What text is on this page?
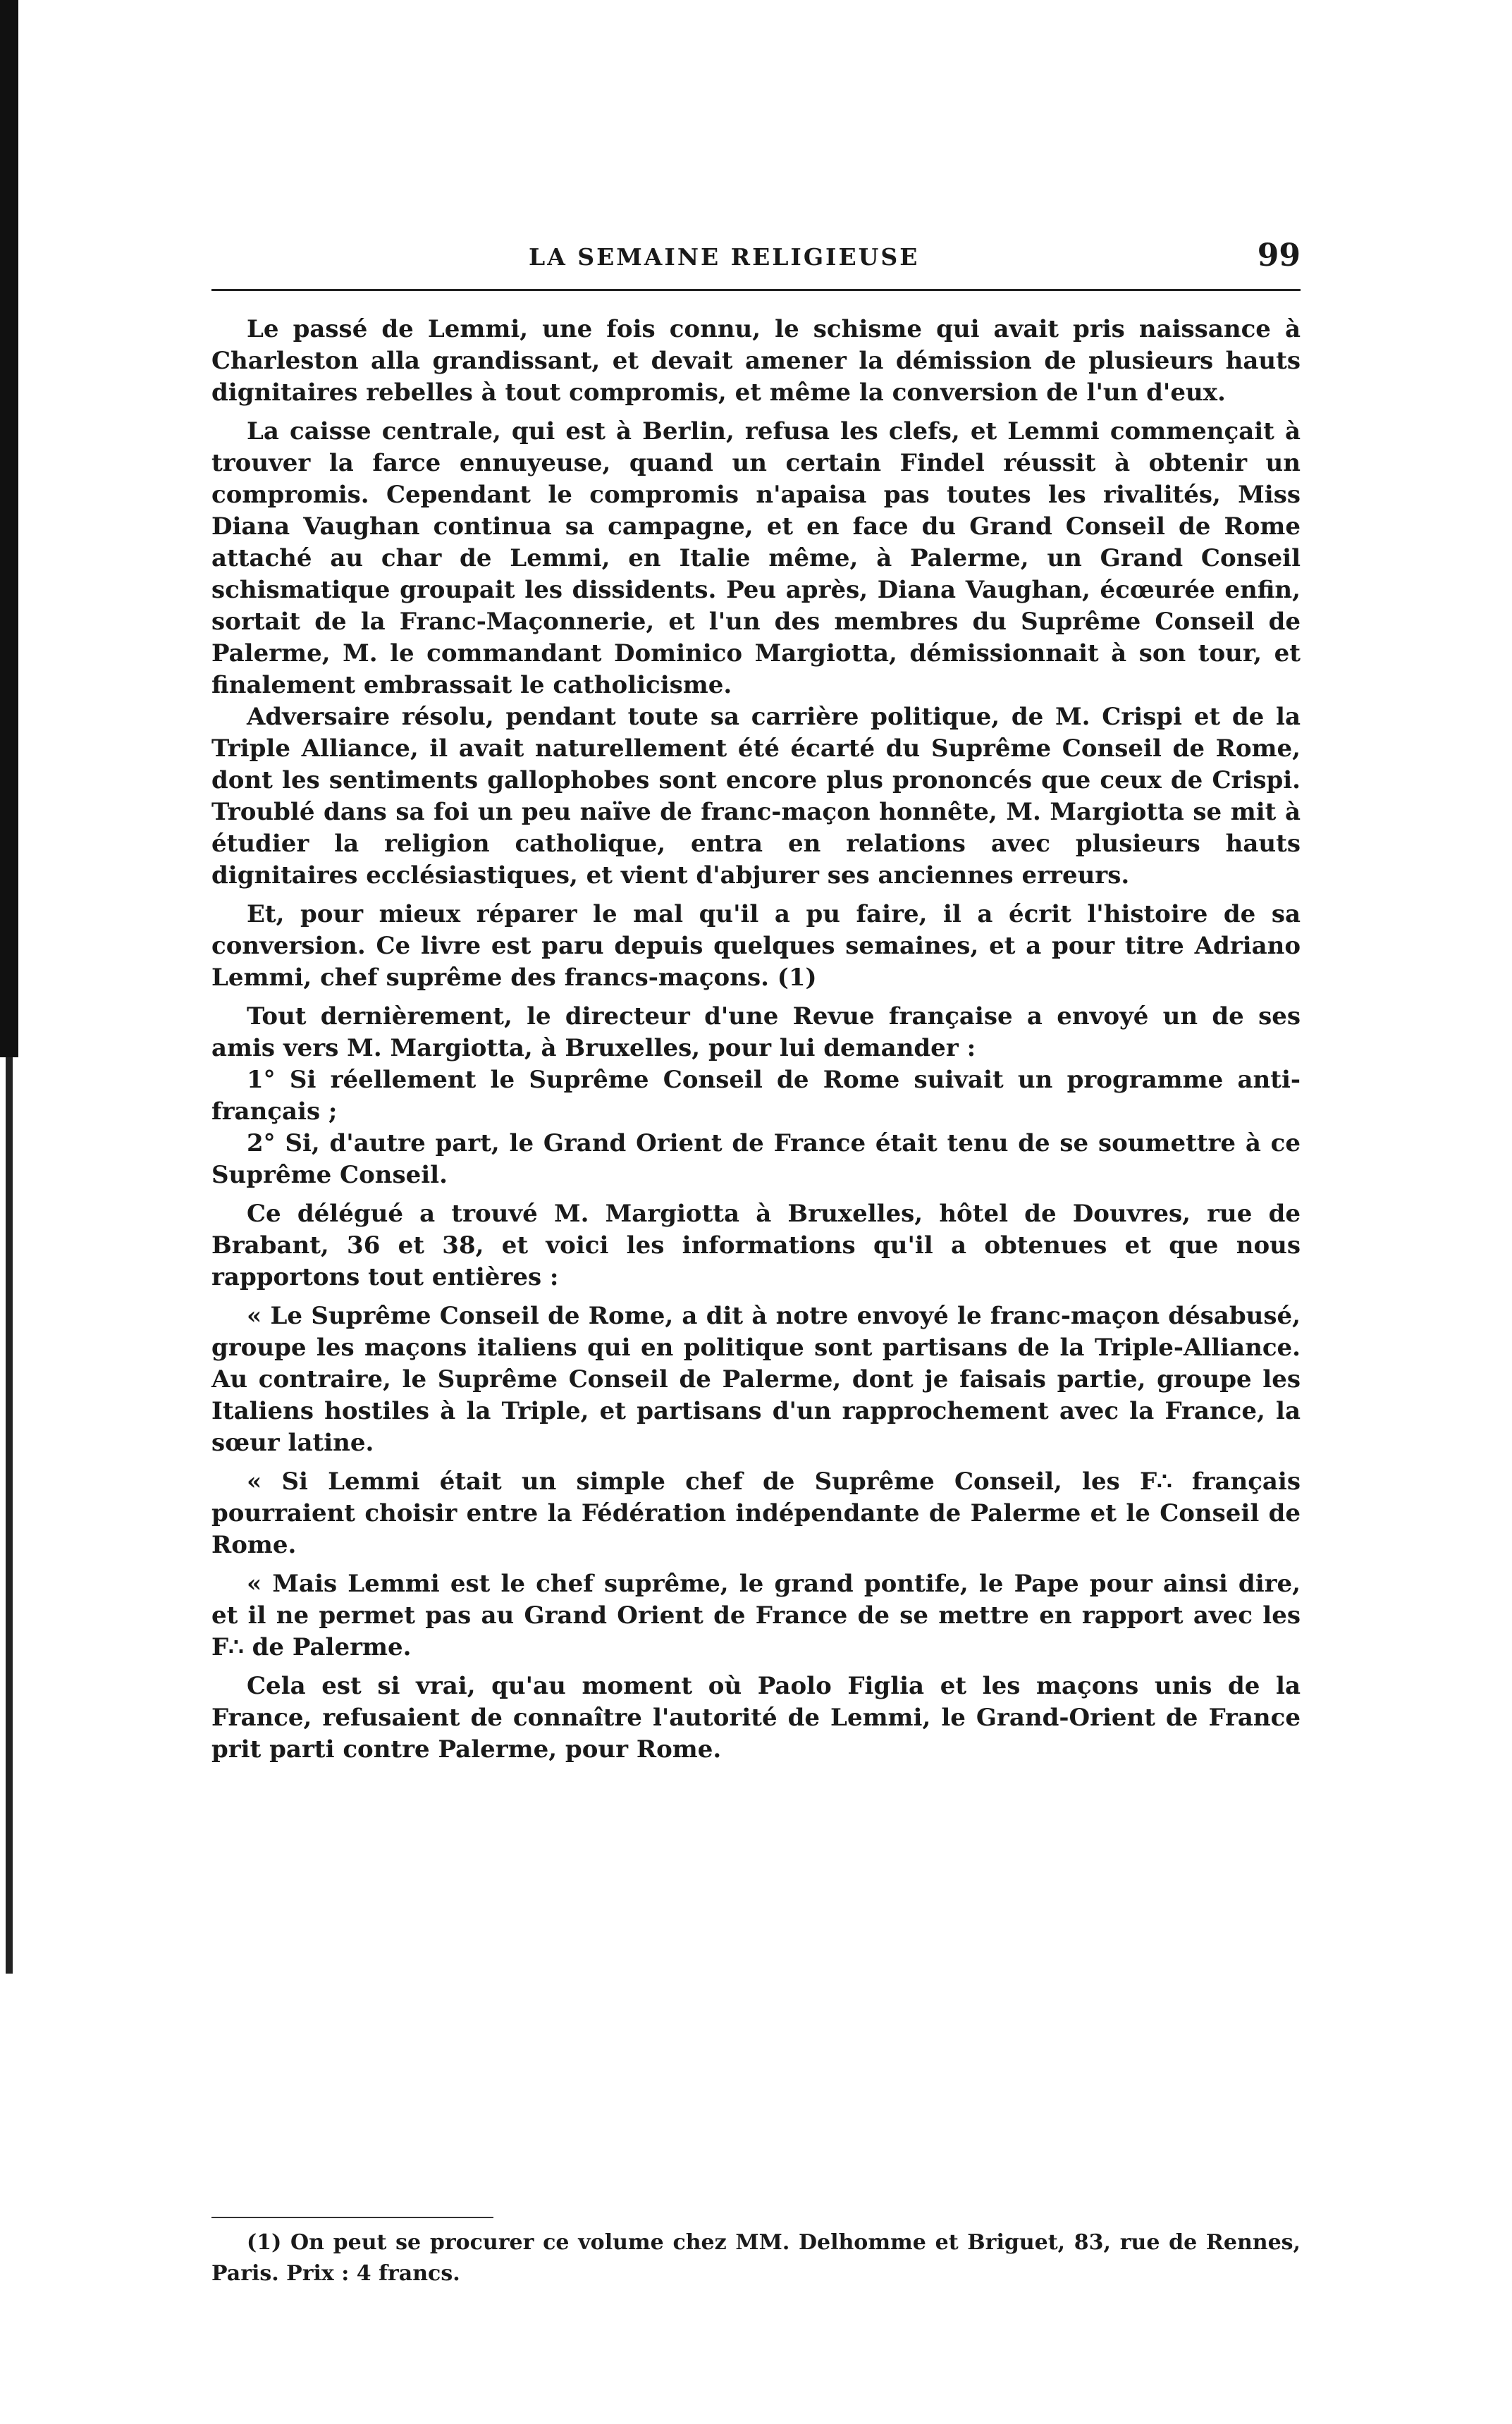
LA SEMAINE RELIGIEUSE	99

Le passé de Lemmi, une fois connu, le schisme qui avait pris naissance à Charleston alla grandissant, et devait amener la démission de plusieurs hauts dignitaires rebelles à tout compromis, et même la conversion de l'un d'eux.

La caisse centrale, qui est à Berlin, refusa les clefs, et Lemmi commençait à trouver la farce ennuyeuse, quand un certain Findel réussit à obtenir un compromis. Cependant le compromis n'apaisa pas toutes les rivalités, Miss Diana Vaughan continua sa campagne, et en face du Grand Conseil de Rome attaché au char de Lemmi, en Italie même, à Palerme, un Grand Conseil schismatique groupait les dissidents. Peu après, Diana Vaughan, écœurée enfin, sortait de la Franc-Maçonnerie, et l'un des membres du Suprême Conseil de Palerme, M. le commandant Dominico Margiotta, démissionnait à son tour, et finalement embrassait le catholicisme.

Adversaire résolu, pendant toute sa carrière politique, de M. Crispi et de la Triple Alliance, il avait naturellement été écarté du Suprême Conseil de Rome, dont les sentiments gallophobes sont encore plus prononcés que ceux de Crispi. Troublé dans sa foi un peu naïve de franc-maçon honnête, M. Margiotta se mit à étudier la religion catholique, entra en relations avec plusieurs hauts dignitaires ecclésiastiques, et vient d'abjurer ses anciennes erreurs.

Et, pour mieux réparer le mal qu'il a pu faire, il a écrit l'histoire de sa conversion. Ce livre est paru depuis quelques semaines, et a pour titre Adriano Lemmi, chef suprême des francs-maçons. (1)

Tout dernièrement, le directeur d'une Revue française a envoyé un de ses amis vers M. Margiotta, à Bruxelles, pour lui demander :

1° Si réellement le Suprême Conseil de Rome suivait un programme anti-français ;

2° Si, d'autre part, le Grand Orient de France était tenu de se soumettre à ce Suprême Conseil.

Ce délégué a trouvé M. Margiotta à Bruxelles, hôtel de Douvres, rue de Brabant, 36 et 38, et voici les informations qu'il a obtenues et que nous rapportons tout entières :

« Le Suprême Conseil de Rome, a dit à notre envoyé le franc-maçon désabusé, groupe les maçons italiens qui en politique sont partisans de la Triple-Alliance. Au contraire, le Suprême Conseil de Palerme, dont je faisais partie, groupe les Italiens hostiles à la Triple, et partisans d'un rapprochement avec la France, la sœur latine.

« Si Lemmi était un simple chef de Suprême Conseil, les F∴ français pourraient choisir entre la Fédération indépendante de Palerme et le Conseil de Rome.

« Mais Lemmi est le chef suprême, le grand pontife, le Pape pour ainsi dire, et il ne permet pas au Grand Orient de France de se mettre en rapport avec les F∴ de Palerme.

Cela est si vrai, qu'au moment où Paolo Figlia et les maçons unis de la France, refusaient de connaître l'autorité de Lemmi, le Grand-Orient de France prit parti contre Palerme, pour Rome.

(1) On peut se procurer ce volume chez MM. Delhomme et Briguet, 83, rue de Rennes, Paris. Prix : 4 francs.
